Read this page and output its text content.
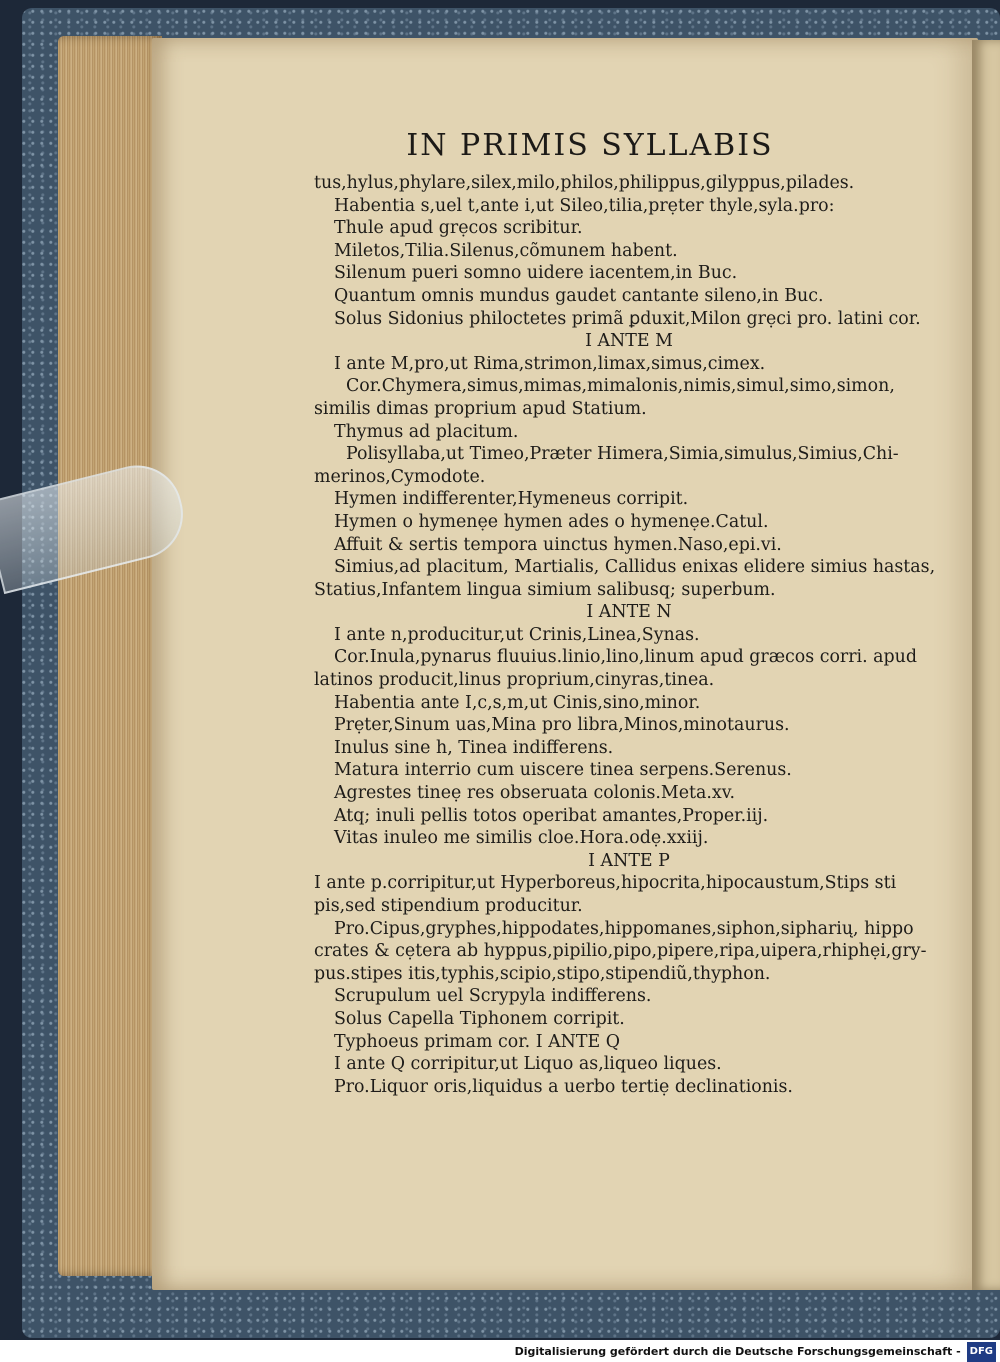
IN PRIMIS SYLLABIS
tus,hylus,phylare,silex,milo,philos,philippus,gilyppus,pilades.
Habentia s,uel t,ante i,ut Sileo,tilia,prẹter thyle,syla.pro:
Thule apud grẹcos scribitur.
Miletos,Tilia.Silenus,cõmunem habent.
Silenum pueri somno uidere iacentem,in Buc.
Quantum omnis mundus gaudet cantante sileno,in Buc.
Solus Sidonius philoctetes primã ꝑduxit,Milon grẹci pro. latini cor.
I ANTE M
I ante M,pro,ut Rima,strimon,limax,simus,cimex.
Cor.Chymera,simus,mimas,mimalonis,nimis,simul,simo,simon,
similis dimas proprium apud Statium.
Thymus ad placitum.
Polisyllaba,ut Timeo,Prӕter Himera,Simia,simulus,Simius,Chi-
merinos,Cymodote.
Hymen indifferenter,Hymeneus corripit.
Hymen o hymenẹe hymen ades o hymenẹe.Catul.
Affuit & sertis tempora uinctus hymen.Naso,epi.vi.
Simius,ad placitum, Martialis, Callidus enixas elidere simius hastas,
Statius,Infantem lingua simium salibusq; superbum.
I ANTE N
I ante n,producitur,ut Crinis,Linea,Synas.
Cor.Inula,pynarus fluuius.linio,lino,linum apud grӕcos corri. apud
latinos producit,linus proprium,cinyras,tinea.
Habentia ante I,c,s,m,ut Cinis,sino,minor.
Prẹter,Sinum uas,Mina pro libra,Minos,minotaurus.
Inulus sine h, Tinea indifferens.
Matura interrio cum uiscere tinea serpens.Serenus.
Agrestes tineẹ res obseruata colonis.Meta.xv.
Atq; inuli pellis totos operibat amantes,Proper.iij.
Vitas inuleo me similis cloe.Hora.odẹ.xxiij.
I ANTE P
I ante p.corripitur,ut Hyperboreus,hipocrita,hipocaustum,Stips sti
pis,sed stipendium producitur.
Pro.Cipus,gryphes,hippodates,hippomanes,siphon,sipharių, hippo
crates & cẹtera ab hyppus,pipilio,pipo,pipere,ripa,uipera,rhiphẹi,gry-
pus.stipes itis,typhis,scipio,stipo,stipendiũ,thyphon.
Scrupulum uel Scrypyla indifferens.
Solus Capella Tiphonem corripit.
Typhoeus primam cor. I ANTE Q
I ante Q corripitur,ut Liquo as,liqueo liques.
Pro.Liquor oris,liquidus a uerbo tertiẹ declinationis.
Digitalisierung gefördert durch die Deutsche Forschungsgemeinschaft - DFG
